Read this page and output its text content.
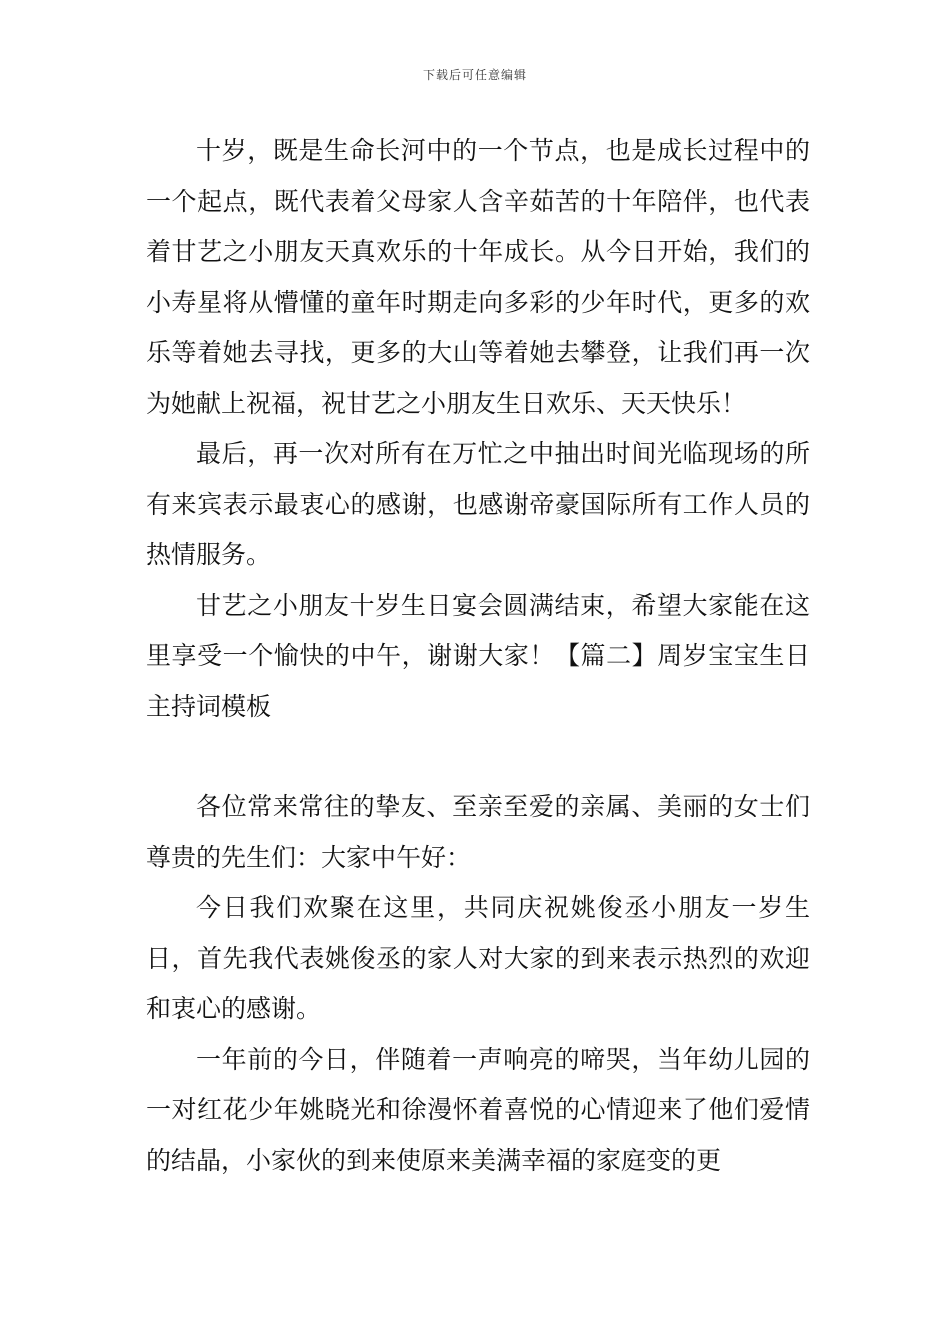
下载后可任意编辑

十岁，既是生命长河中的一个节点，也是成长过程中的一个起点，既代表着父母家人含辛茹苦的十年陪伴，也代表着甘艺之小朋友天真欢乐的十年成长。从今日开始，我们的小寿星将从懵懂的童年时期走向多彩的少年时代，更多的欢乐等着她去寻找，更多的大山等着她去攀登，让我们再一次为她献上祝福，祝甘艺之小朋友生日欢乐、天天快乐！

最后，再一次对所有在万忙之中抽出时间光临现场的所有来宾表示最衷心的感谢，也感谢帝豪国际所有工作人员的热情服务。

甘艺之小朋友十岁生日宴会圆满结束，希望大家能在这里享受一个愉快的中午，谢谢大家！【篇二】周岁宝宝生日主持词模板

各位常来常往的挚友、至亲至爱的亲属、美丽的女士们尊贵的先生们：大家中午好：

今日我们欢聚在这里，共同庆祝姚俊丞小朋友一岁生日，首先我代表姚俊丞的家人对大家的到来表示热烈的欢迎和衷心的感谢。

一年前的今日，伴随着一声响亮的啼哭，当年幼儿园的一对红花少年姚晓光和徐漫怀着喜悦的心情迎来了他们爱情的结晶，小家伙的到来使原来美满幸福的家庭变的更
